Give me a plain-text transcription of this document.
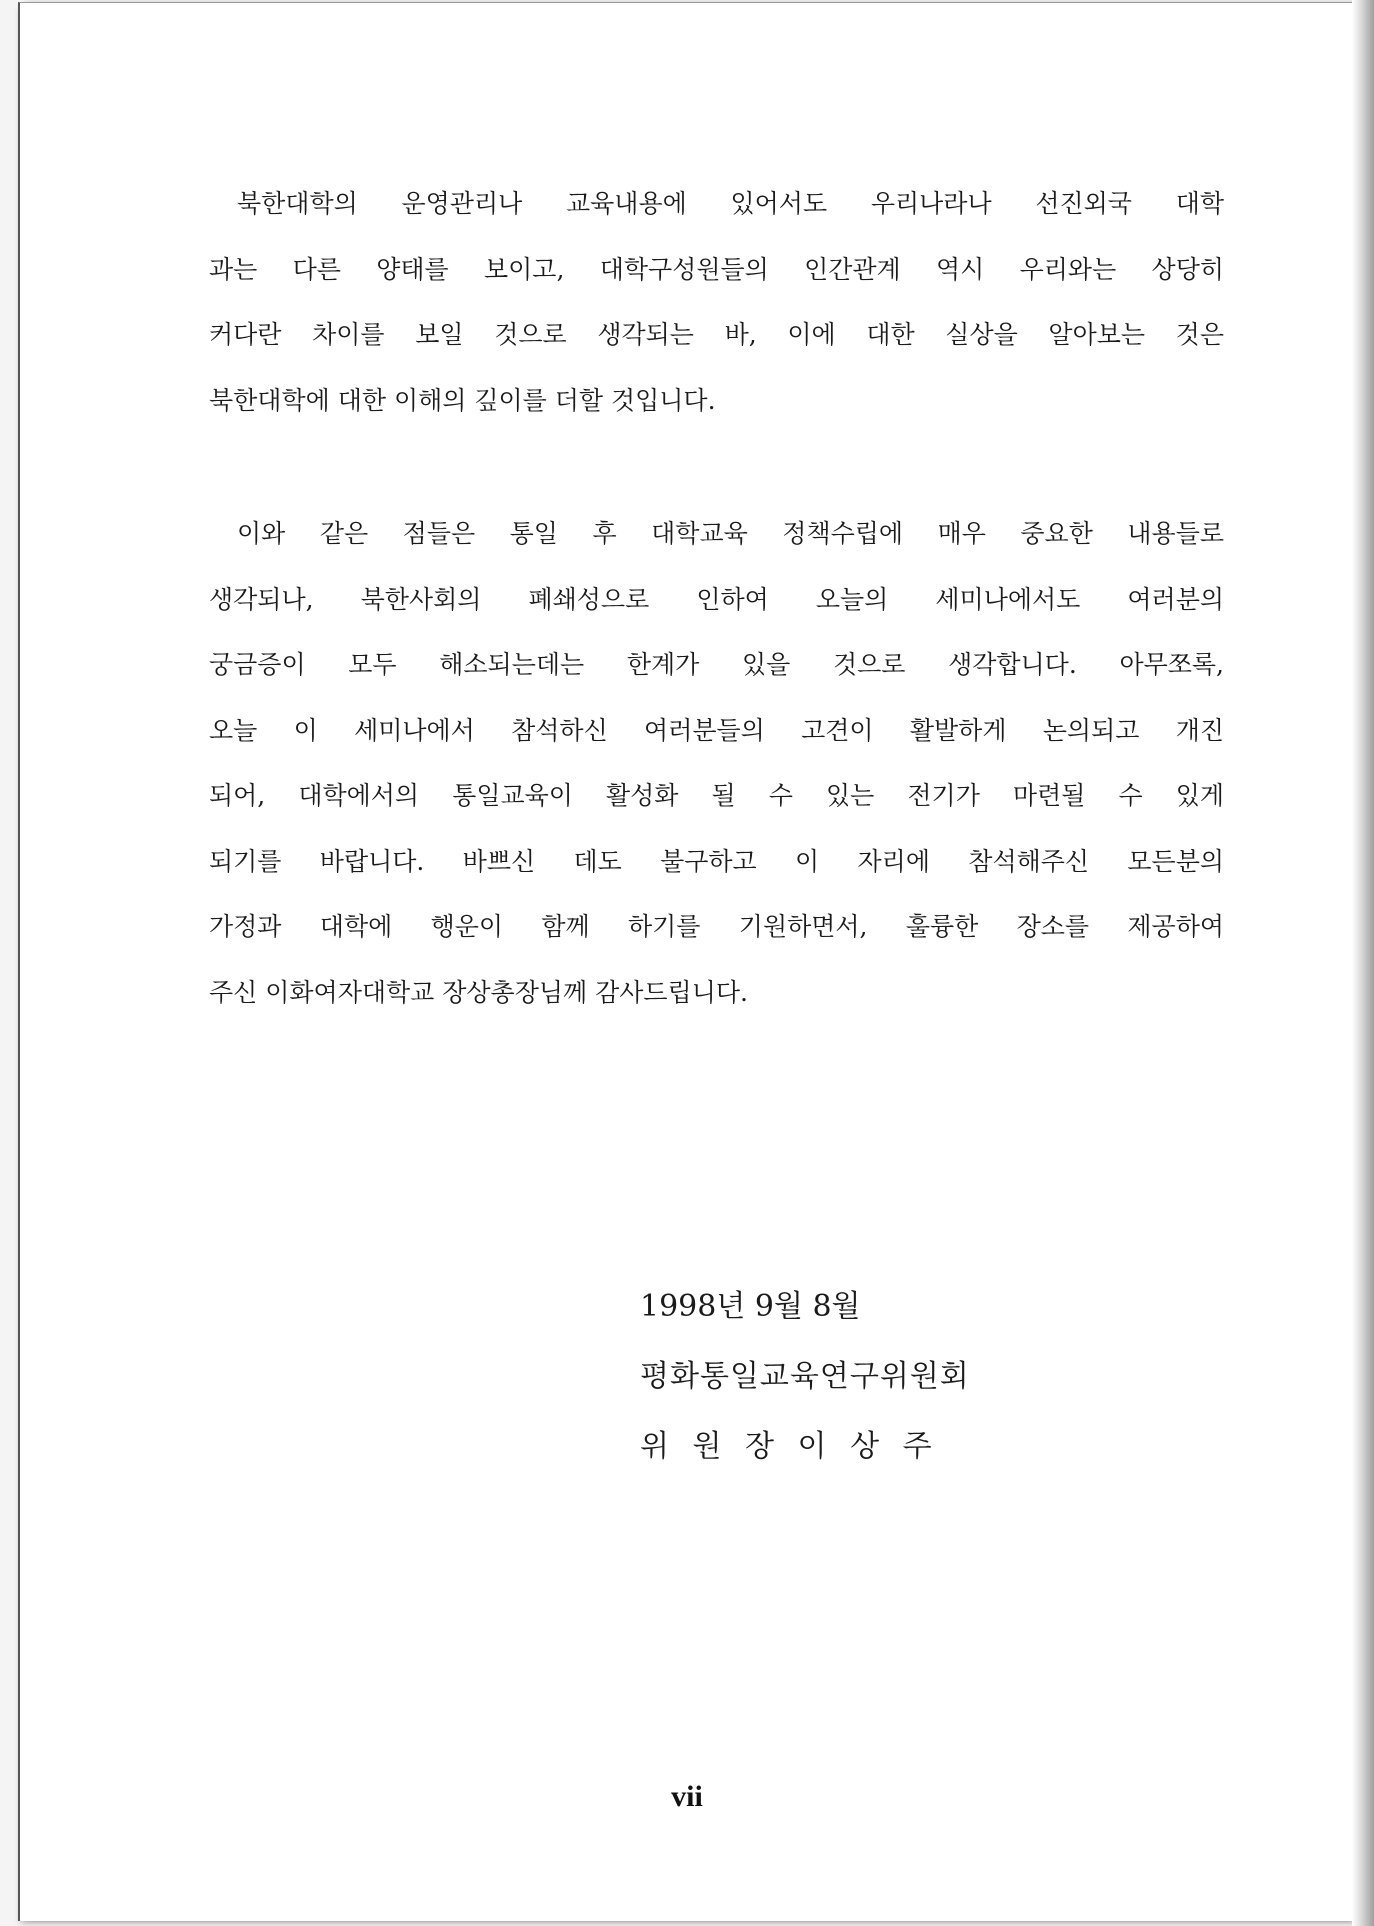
북한대학의 운영관리나 교육내용에 있어서도 우리나라나 선진외국 대학
과는 다른 양태를 보이고, 대학구성원들의 인간관계 역시 우리와는 상당히
커다란 차이를 보일 것으로 생각되는 바, 이에 대한 실상을 알아보는 것은
북한대학에 대한 이해의 깊이를 더할 것입니다.
이와 같은 점들은 통일 후 대학교육 정책수립에 매우 중요한 내용들로
생각되나, 북한사회의 폐쇄성으로 인하여 오늘의 세미나에서도 여러분의
궁금증이 모두 해소되는데는 한계가 있을 것으로 생각합니다. 아무쪼록,
오늘 이 세미나에서 참석하신 여러분들의 고견이 활발하게 논의되고 개진
되어, 대학에서의 통일교육이 활성화 될 수 있는 전기가 마련될 수 있게
되기를 바랍니다. 바쁘신 데도 불구하고 이 자리에 참석해주신 모든분의
가정과 대학에 행운이 함께 하기를 기원하면서, 훌륭한 장소를 제공하여
주신 이화여자대학교 장상총장님께 감사드립니다.
1998년 9월 8월
평화통일교육연구위원회
위 원 장 이 상 주
vii
